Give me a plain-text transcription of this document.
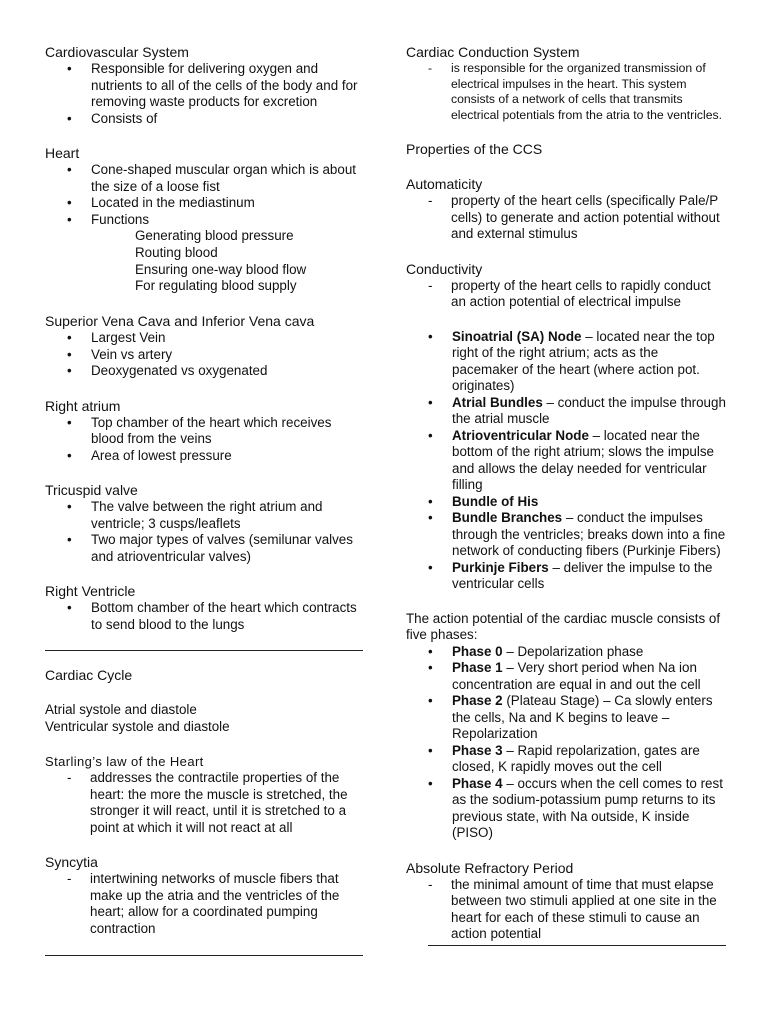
Cardiovascular System
• Responsible for delivering oxygen and nutrients to all of the cells of the body and for removing waste products for excretion
• Consists of
Heart
• Cone-shaped muscular organ which is about the size of a loose fist
• Located in the mediastinum
• Functions
Generating blood pressure
Routing blood
Ensuring one-way blood flow
For regulating blood supply
Superior Vena Cava and Inferior Vena cava
• Largest Vein
• Vein vs artery
• Deoxygenated vs oxygenated
Right atrium
• Top chamber of the heart which receives blood from the veins
• Area of lowest pressure
Tricuspid valve
• The valve between the right atrium and ventricle; 3 cusps/leaflets
• Two major types of valves (semilunar valves and atrioventricular valves)
Right Ventricle
• Bottom chamber of the heart which contracts to send blood to the lungs
Cardiac Cycle
Atrial systole and diastole
Ventricular systole and diastole
Starling’s law of the Heart
- addresses the contractile properties of the heart: the more the muscle is stretched, the stronger it will react, until it is stretched to a point at which it will not react at all
Syncytia
- intertwining networks of muscle fibers that make up the atria and the ventricles of the heart; allow for a coordinated pumping contraction
Cardiac Conduction System
- is responsible for the organized transmission of electrical impulses in the heart. This system consists of a network of cells that transmits electrical potentials from the atria to the ventricles.
Properties of the CCS
Automaticity
- property of the heart cells (specifically Pale/P cells) to generate and action potential without and external stimulus
Conductivity
- property of the heart cells to rapidly conduct an action potential of electrical impulse
• Sinoatrial (SA) Node – located near the top right of the right atrium; acts as the pacemaker of the heart (where action pot. originates)
• Atrial Bundles – conduct the impulse through the atrial muscle
• Atrioventricular Node – located near the bottom of the right atrium; slows the impulse and allows the delay needed for ventricular filling
• Bundle of His
• Bundle Branches – conduct the impulses through the ventricles; breaks down into a fine network of conducting fibers (Purkinje Fibers)
• Purkinje Fibers – deliver the impulse to the ventricular cells
The action potential of the cardiac muscle consists of five phases:
• Phase 0 – Depolarization phase
• Phase 1 – Very short period when Na ion concentration are equal in and out the cell
• Phase 2 (Plateau Stage) – Ca slowly enters the cells, Na and K begins to leave – Repolarization
• Phase 3 – Rapid repolarization, gates are closed, K rapidly moves out the cell
• Phase 4 – occurs when the cell comes to rest as the sodium-potassium pump returns to its previous state, with Na outside, K inside (PISO)
Absolute Refractory Period
- the minimal amount of time that must elapse between two stimuli applied at one site in the heart for each of these stimuli to cause an action potential
